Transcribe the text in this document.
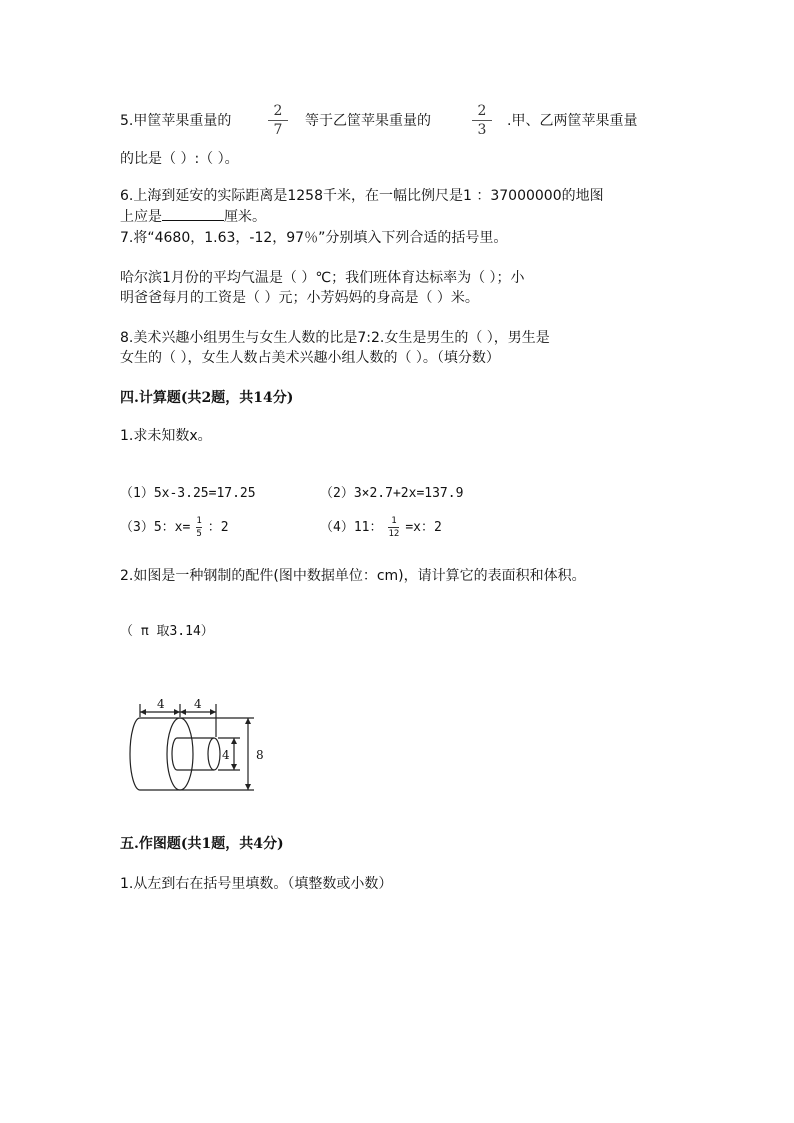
5.甲筐苹果重量的
2
7
等于乙筐苹果重量的
2
3
.甲、乙两筐苹果重量
的比是（ ）:（ ）。
6.上海到延安的实际距离是1258千米，在一幅比例尺是1 ：37000000的地图
上应是	厘米。
7.将“4680，1.63，-12，97％”分别填入下列合适的括号里。
哈尔滨1月份的平均气温是（ ）℃；我们班体育达标率为（ ）；小
明爸爸每月的工资是（ ）元；小芳妈妈的身高是（ ）米。
8.美术兴趣小组男生与女生人数的比是7:2.女生是男生的（ ），男生是
女生的（ ），女生人数占美术兴趣小组人数的（ ）。（填分数）
四.计算题(共2题，共14分)
1.求未知数x。
（1）5x-3.25=17.25	（2）3×2.7+2x=137.9
（3）5：$x= \frac{1}{5}$ ：2	（4）11： $\frac{1}{12} =x$：2
2.如图是一种钢制的配件(图中数据单位：cm)，请计算它的表面积和体积。
（ π 取3.14）
4 4
4 8
五.作图题(共1题，共4分)
1.从左到右在括号里填数。（填整数或小数）
